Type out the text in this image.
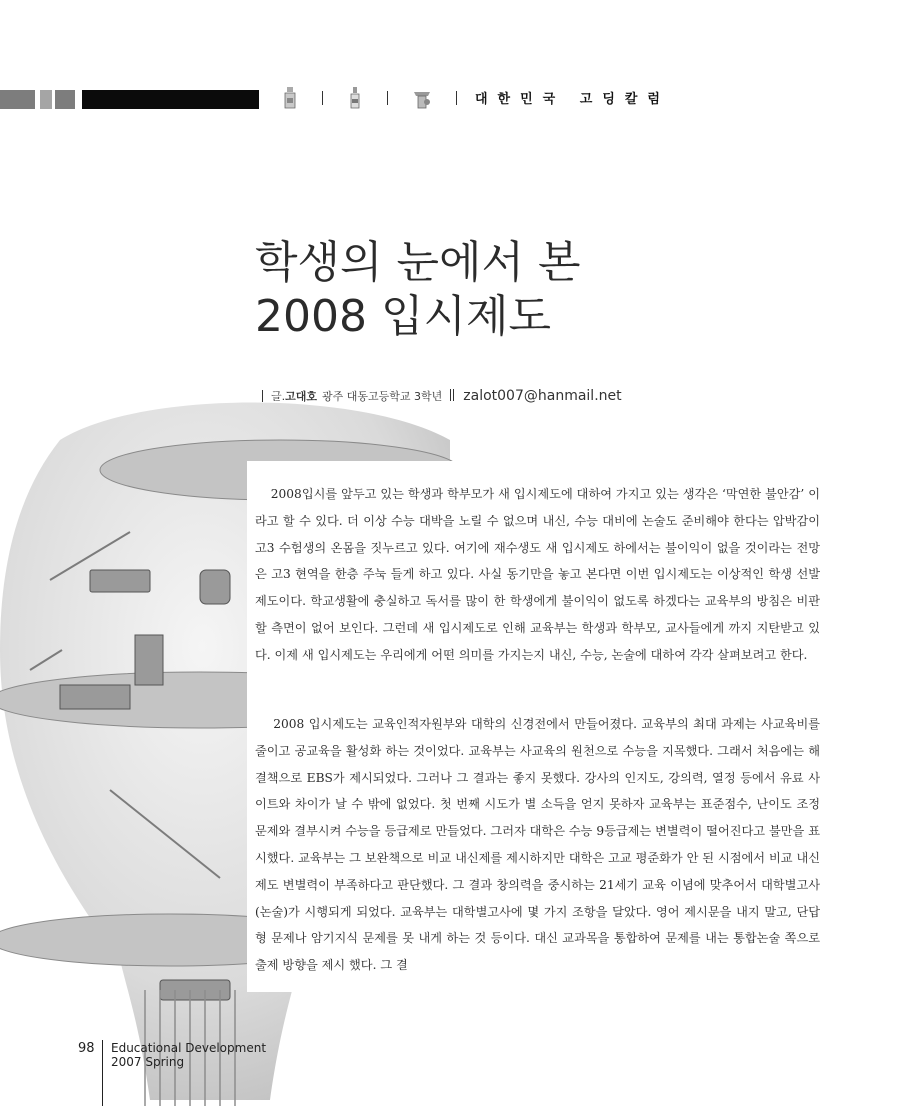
대한민국 고딩칼럼
학생의 눈에서 본
2008 입시제도
글. 고대호 광주 대동고등학교 3학년 zalot007@hanmail.net

2008입시를 앞두고 있는 학생과 학부모가 새 입시제도에 대하여 가지고 있는 생각은 ‘막연한 불안감’ 이라고 할 수 있다. 더 이상 수능 대박을 노릴 수 없으며 내신, 수능 대비에 논술도 준비해야 한다는 압박감이 고3 수험생의 온몸을 짓누르고 있다. 여기에 재수생도 새 입시제도 하에서는 불이익이 없을 것이라는 전망은 고3 현역을 한층 주눅 들게 하고 있다. 사실 동기만을 놓고 본다면 이번 입시제도는 이상적인 학생 선발 제도이다. 학교생활에 충실하고 독서를 많이 한 학생에게 불이익이 없도록 하겠다는 교육부의 방침은 비판할 측면이 없어 보인다. 그런데 새 입시제도로 인해 교육부는 학생과 학부모, 교사들에게 까지 지탄받고 있다. 이제 새 입시제도는 우리에게 어떤 의미를 가지는지 내신, 수능, 논술에 대하여 각각 살펴보려고 한다.

2008 입시제도는 교육인적자원부와 대학의 신경전에서 만들어졌다. 교육부의 최대 과제는 사교육비를 줄이고 공교육을 활성화 하는 것이었다. 교육부는 사교육의 원천으로 수능을 지목했다. 그래서 처음에는 해결책으로 EBS가 제시되었다. 그러나 그 결과는 좋지 못했다. 강사의 인지도, 강의력, 열정 등에서 유료 사이트와 차이가 날 수 밖에 없었다. 첫 번째 시도가 별 소득을 얻지 못하자 교육부는 표준점수, 난이도 조정 문제와 결부시켜 수능을 등급제로 만들었다. 그러자 대학은 수능 9등급제는 변별력이 떨어진다고 불만을 표시했다. 교육부는 그 보완책으로 비교 내신제를 제시하지만 대학은 고교 평준화가 안 된 시점에서 비교 내신제도 변별력이 부족하다고 판단했다. 그 결과 창의력을 중시하는 21세기 교육 이념에 맞추어서 대학별고사(논술)가 시행되게 되었다. 교육부는 대학별고사에 몇 가지 조항을 달았다. 영어 제시문을 내지 말고, 단답형 문제나 암기지식 문제를 못 내게 하는 것 등이다. 대신 교과목을 통합하여 문제를 내는 통합논술 쪽으로 출제 방향을 제시 했다. 그 결

98 Educational Development
2007 Spring
